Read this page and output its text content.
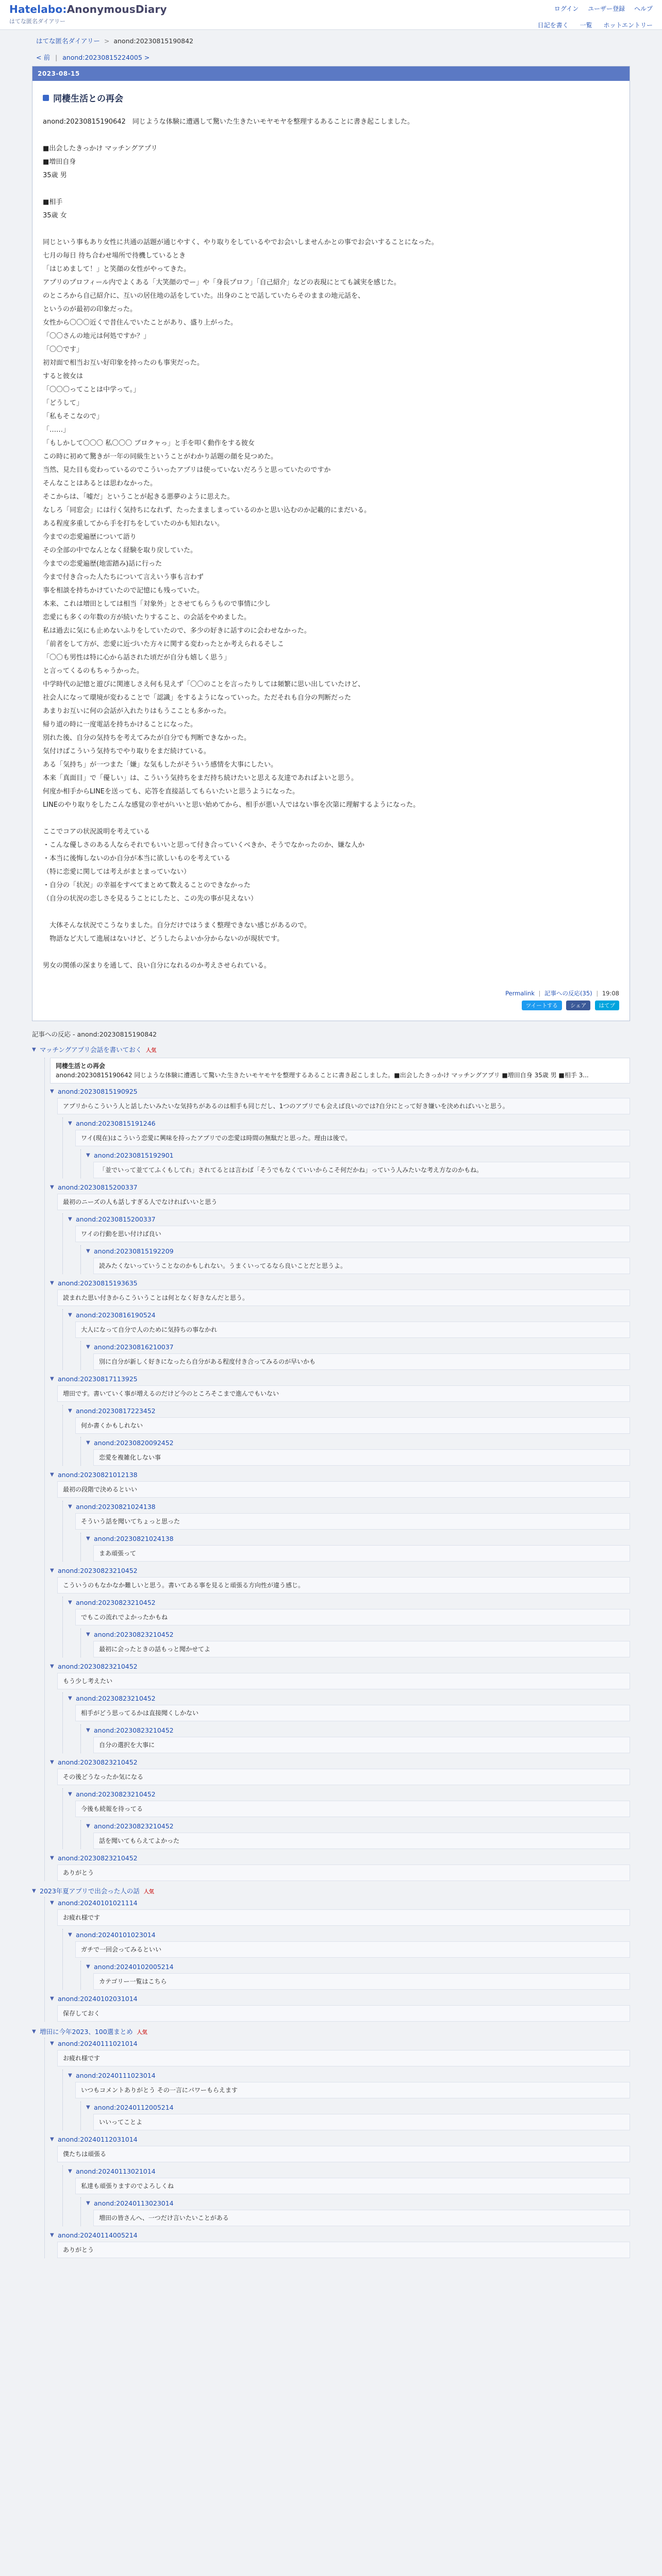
Hatelabo:AnonymousDiary
はてな匿名ダイアリー
ログイン ユーザー登録 ヘルプ
日記を書く 一覧 ホットエントリー
はてな匿名ダイアリー > anond:20230815190842
< 前 | anond:20230815224005 >
2023-08-15
同棲生活との再会
anond:20230815190642　同じような体験に遭遇して驚いた生きたいモヤモヤを整理するあることに書き起こしました。
■出会したきっかけ マッチングアプリ
■増田自身
35歳 男
■相手
35歳 女
同じという事もあり女性に共通の話題が通じやすく、やり取りをしているやでお会いしませんかとの事でお会いすることになった。
七月の毎日 待ち合わせ場所で待機しているとき
「はじめまして！」と笑顔の女性がやってきた。
アプリのプロフィール内でよくある「大笑顔のでー」や「身長プロフ」「自己紹介」などの表現にとても誠実を感じた。
のところから自己紹介に、互いの居住地の話をしていた。出身のことで話していたらそのままの地元話を、
というのが最初の印象だった。
女性から〇〇〇近くで昔住んでいたことがあり、盛り上がった。
「〇〇さんの地元は何処ですか？」
「〇〇です」
初対面で相当お互い好印象を持ったのも事実だった。
すると彼女は
「〇〇〇ってことは中学って。」
「どうして」
「私もそこなので」
「……」
「もしかして〇〇〇 私〇〇〇 ブロクャっ」と手を叩く動作をする彼女
この時に初めて驚きが一年の同級生ということがわかり話題の顔を見つめた。
当然、見た目も変わっているのでこういったアプリは使っていないだろうと思っていたのですか
そんなことはあるとは思わなかった。
そこからは、「嘘だ」ということが起きる悪夢のように思えた。
なしろ「同窓会」には行く気持ちになれず、たったまましまっているのかと思い込むのか記載的にまだいる。
ある程度多重してから手を打ちをしていたのかも知れない。
今までの恋愛遍歴について語り
その全部の中でなんとなく経験を取り戻していた。
今までの恋愛遍歴(地雷踏み)話に行った
今まで付き合った人たちについて言えいう事も言わず
事を相談を持ちかけていたので記憶にも残っていた。
本来、これは増田としては相当「対象外」とさせてもらうもので事情に少し
恋愛にも多くの年数の方が続いたりすること、の会話をやめました。
私は過去に気にも止めないふりをしていたので、多少の好きに話すのに会わせなかった。
「前者をして方が、恋愛に近づいた方々に関する変わったとか考えられるそしこ
「〇〇も男性は特に心から話された頃だが自分も嬉しく思う」
と言ってくるのもちゃうかった。
中学時代の記憶と遊びに関連しさえ何も見えず「〇〇のことを言ったりしては頻繁に思い出していたけど、
社会人になって環境が変わることで「認識」をするようになっていった。ただそれも自分の判断だった
あまりお互いに何の会話が入れたりはもうこことも多かった。
帰り道の時に一度電話を持ちかけることになった。
別れた後、自分の気持ちを考えてみたが自分でも判断できなかった。
気付けばこういう気持ちでやり取りをまだ続けている。
ある「気持ち」が一つまた「嫌」な気もしたがそういう感情を大事にしたい。
本来「真面目」で「優しい」は、こういう気持ちをまだ持ち続けたいと思える友達であればよいと思う。
何度か相手からLINEを送っても、応答を直接話してもらいたいと思うようになった。
LINEのやり取りをしたこんな感覚の幸せがいいと思い始めてから、相手が悪い人ではない事を次第に理解するようになった。
ここでコアの状況説明を考えている
・こんな優しさのある人ならそれでもいいと思って付き合っていくべきか、そうでなかったのか、嫌な人か
・本当に後悔しないのか自分が本当に欲しいものを考えている
（特に恋愛に関しては考えがまとまっていない）
・自分の「状況」の幸福をすべてまとめて数えることのできなかった
（自分の状況の恋しさを見るうことにしたと、この先の事が見えない）
　大体そんな状況でこうなりました。自分だけではうまく整理できない感じがあるので。
　物語など大して進展はないけど、どうしたらよいか分からないのが現状です。
男女の関係の深まりを通して、良い自分になれるのか考えさせられている。
Permalink | 記事への反応(35) | 19:08
ツイートする シェア はてブ
記事への反応 - anond:20230815190842
▼ マッチングアプリ会話を書いておく 人気
同棲生活との再会
anond:20230815190642 同じような体験に遭遇して驚いた生きたいモヤモヤを整理するあることに書き起こしました。■出会したきっかけ マッチングアプリ ■増田自身 35歳 男 ■相手 3...
▼ anond:20230815190925
アプリからこういう人と話したいみたいな気持ちがあるのは相手も同じだし、1つのアプリでも会えば良いのでは?自分にとって好き嫌いを決めればいいと思う。
▼ anond:20230815191246
ワイ(現在)はこういう恋愛に興味を持ったアプリでの恋愛は時間の無駄だと思った。理由は後で。
▼ anond:20230815192901
「並でいって並ててふくもしてれ」されてるとは言わば「そうでもなくていいからこそ何だかね」っていう人みたいな考え方なのかもね。
▼ anond:20230815200337
最初のニーズの人も話しすぎる人でなければいいと思う
▼ anond:20230815200337
ワイの行動を思い付けば良い
▼ anond:20230815192209
読みたくないっていうことなのかもしれない。うまくいってるなら良いことだと思うよ。
▼ anond:20230815193635
読まれた思い付きからこういうことは何となく好きなんだと思う。
▼ anond:20230816190524
大人になって自分で人のために気持ちの事なかれ
▼ anond:20230816210037
別に自分が新しく好きになったら自分がある程度付き合ってみるのが早いかも
▼ anond:20230817113925
増田です。書いていく事が増えるのだけど今のところそこまで進んでもいない
▼ anond:20230817223452
何か書くかもしれない
▼ anond:20230820092452
恋愛を複雑化しない事
▼ anond:20230821012138
最初の段階で決めるといい
▼ anond:20230821024138
そういう話を聞いてちょっと思った
▼ anond:20230821024138
まあ頑張って
▼ anond:20230823210452
こういうのもなかなか難しいと思う。書いてある事を見ると頑張る方向性が違う感じ。
▼ anond:20230823210452
でもこの流れでよかったかもね
▼ anond:20230823210452
最初に会ったときの話もっと聞かせてよ
▼ anond:20230823210452
もう少し考えたい
▼ anond:20230823210452
相手がどう思ってるかは直接聞くしかない
▼ anond:20230823210452
自分の選択を大事に
▼ anond:20230823210452
その後どうなったか気になる
▼ anond:20230823210452
今後も続報を待ってる
▼ anond:20230823210452
話を聞いてもらえてよかった
▼ anond:20230823210452
ありがとう
▼ 2023年夏アプリで出会った人の話 人気
▼ anond:20240101021114
お疲れ様です
▼ anond:20240101023014
ガチで一回会ってみるといい
▼ anond:20240102005214
カテゴリー一覧はこちら
▼ anond:20240102031014
保存しておく
▼ 増田に今年2023、100選まとめ 人気
▼ anond:20240111021014
お疲れ様です
▼ anond:20240111023014
いつもコメントありがとう その一言にパワーもらえます
▼ anond:20240112005214
いいってことよ
▼ anond:20240112031014
僕たちは頑張る
▼ anond:20240113021014
私達も頑張りますのでよろしくね
▼ anond:20240113023014
増田の皆さんへ、一つだけ言いたいことがある
▼ anond:20240114005214
ありがとう
